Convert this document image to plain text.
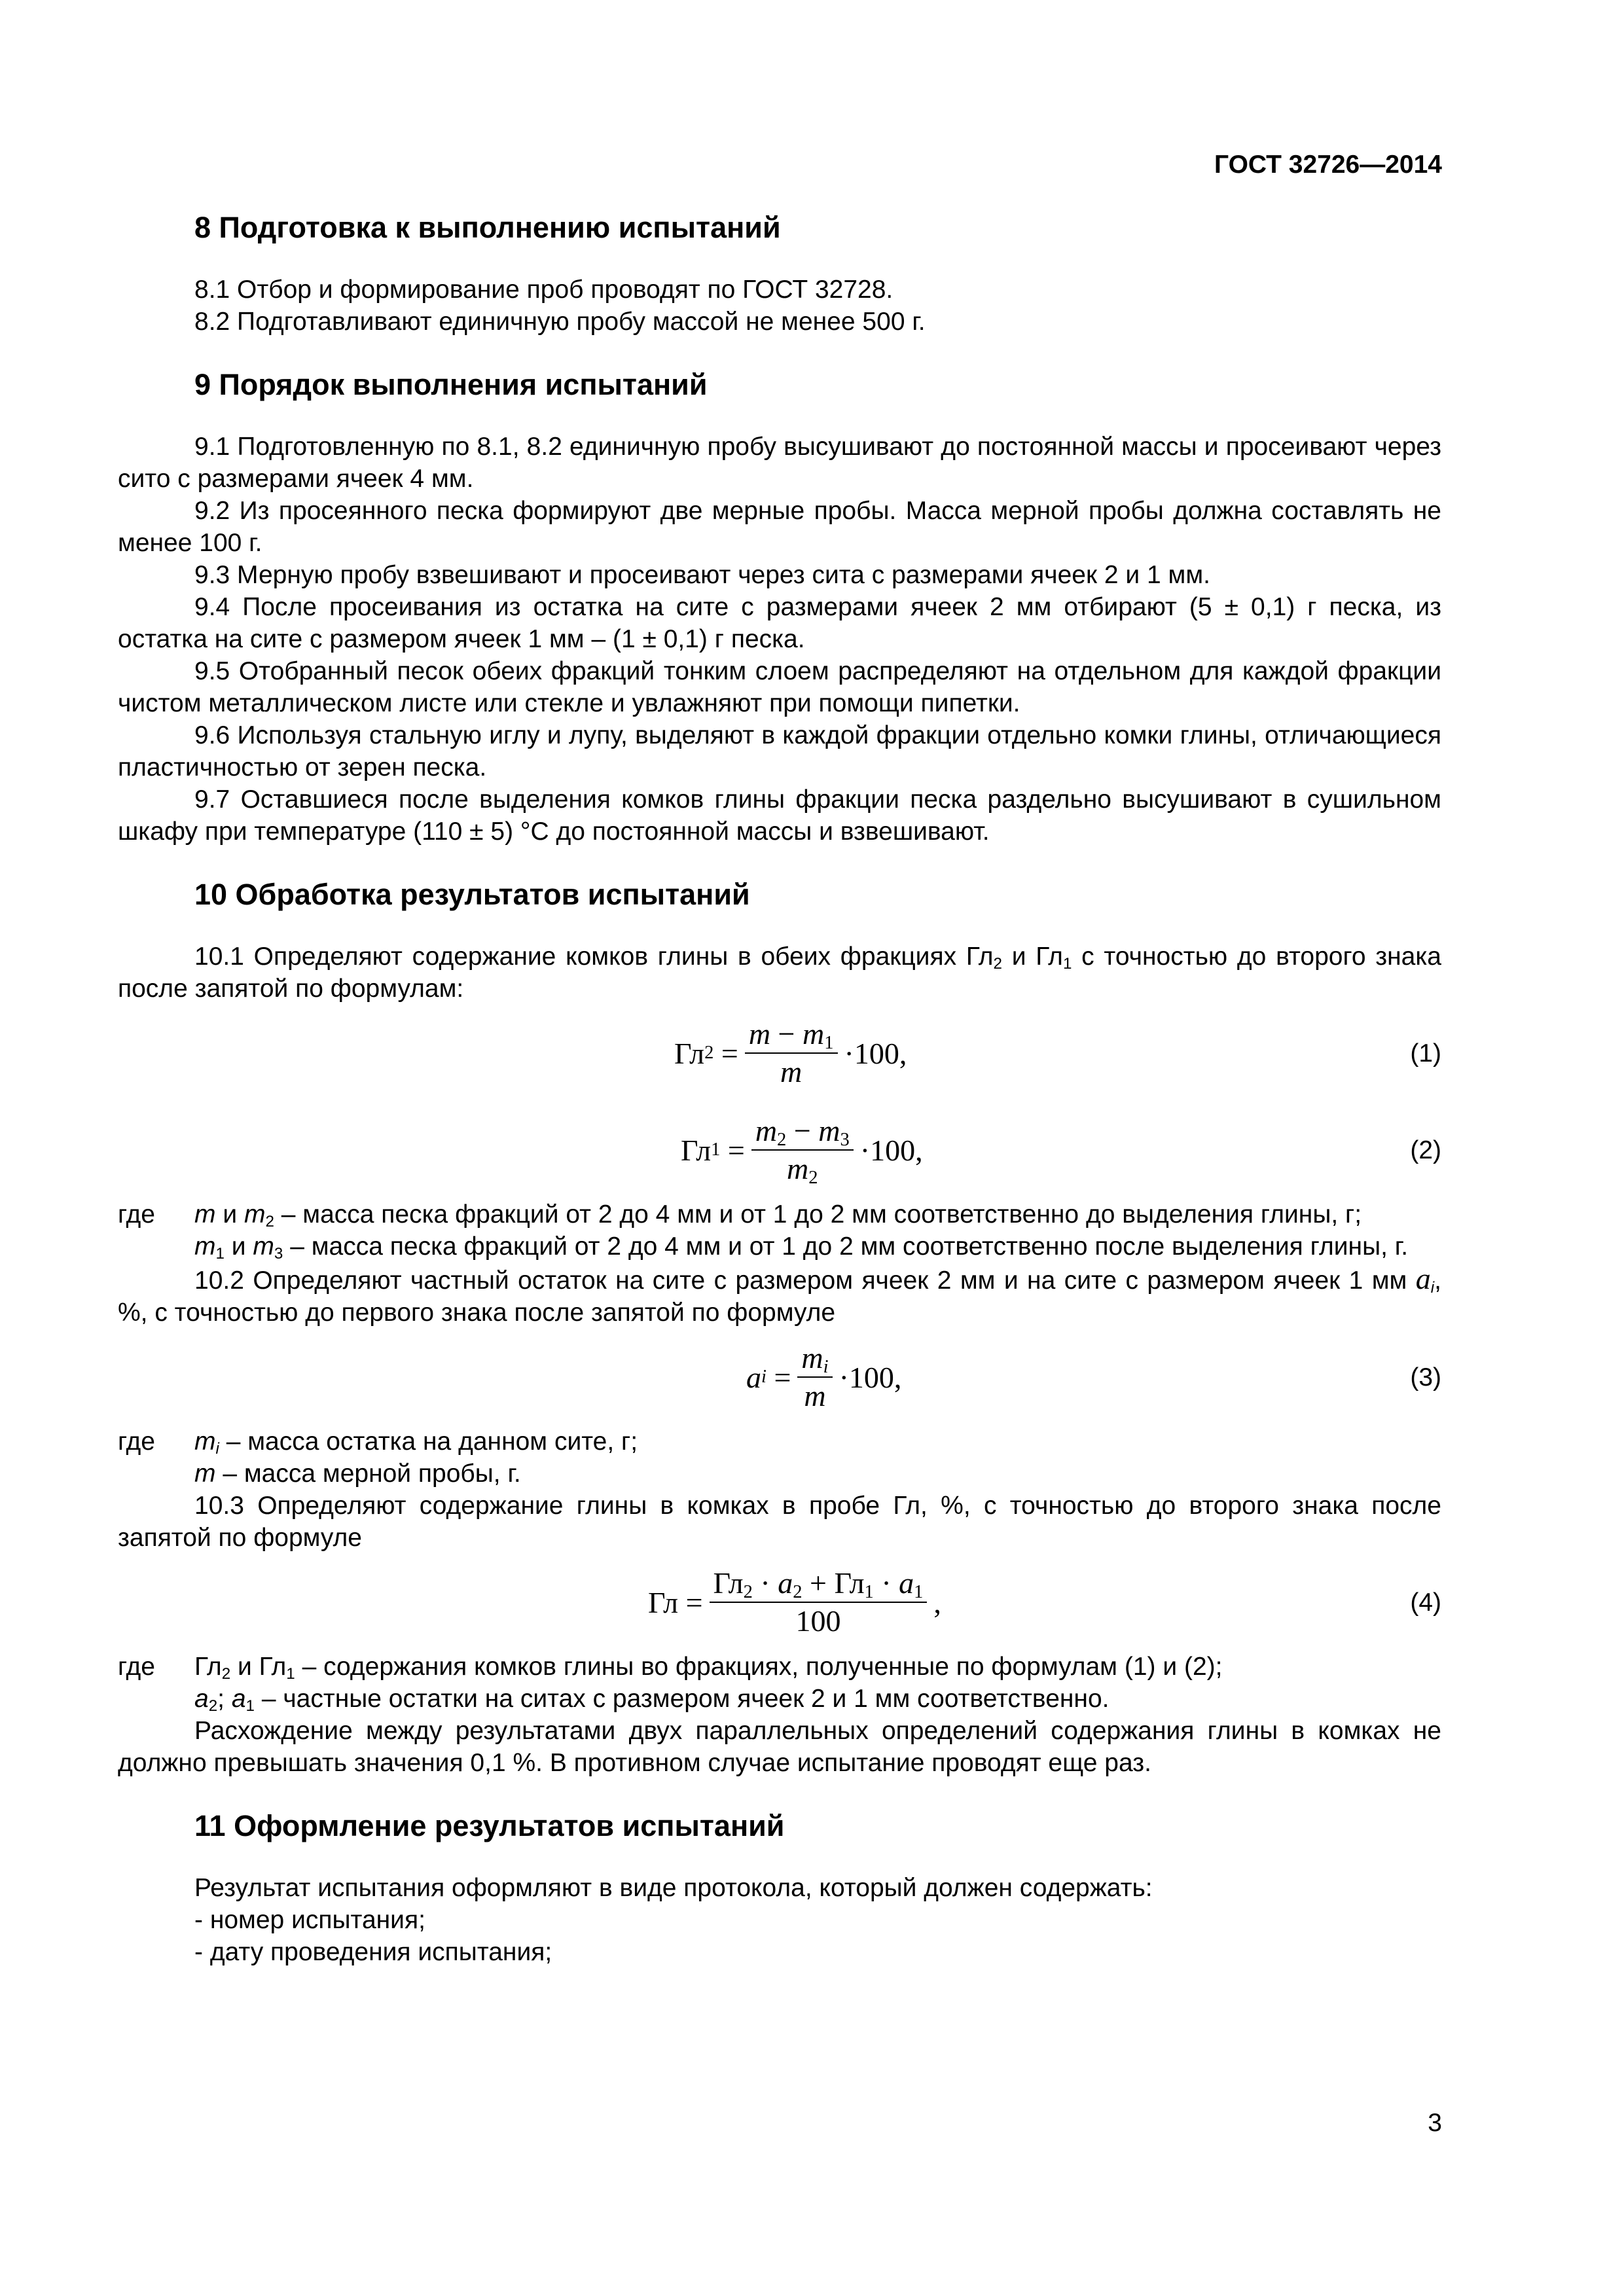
ГОСТ 32726—2014
8 Подготовка к выполнению испытаний

8.1 Отбор и формирование проб проводят по ГОСТ 32728.

8.2 Подготавливают единичную пробу массой не менее 500 г.

9 Порядок выполнения испытаний

9.1 Подготовленную по 8.1, 8.2 единичную пробу высушивают до постоянной массы и просеивают через сито с размерами ячеек 4 мм.

9.2 Из просеянного песка формируют две мерные пробы. Масса мерной пробы должна составлять не менее 100 г.

9.3 Мерную пробу взвешивают и просеивают через сита с размерами ячеек 2 и 1 мм.

9.4 После просеивания из остатка на сите с размерами ячеек 2 мм отбирают (5 ± 0,1) г песка, из остатка на сите с размером ячеек 1 мм – (1 ± 0,1) г песка.

9.5 Отобранный песок обеих фракций тонким слоем распределяют на отдельном для каждой фракции чистом металлическом листе или стекле и увлажняют при помощи пипетки.

9.6 Используя стальную иглу и лупу, выделяют в каждой фракции отдельно комки глины, отличающиеся пластичностью от зерен песка.

9.7 Оставшиеся после выделения комков глины фракции песка раздельно высушивают в сушильном шкафу при температуре (110 ± 5) °С до постоянной массы и взвешивают.

10 Обработка результатов испытаний

10.1 Определяют содержание комков глины в обеих фракциях $Гл_2$ и $Гл_1$ с точностью до второго знака после запятой по формулам:

Гл $2 = \frac{m - m_1}{m} \cdot 100$,	(1)
Гл $1 = \frac{m_2 - m_3}{m_2} \cdot 100$,	(2)
где	m и $m_2$ – масса песка фракций от 2 до 4 мм и от 1 до 2 мм соответственно до выделения глины, г;
$m_1$ и $m_3$ – масса песка фракций от 2 до 4 мм и от 1 до 2 мм соответственно после выделения глины, г.

10.2 Определяют частный остаток на сите с размером ячеек 2 мм и на сите с размером ячеек 1 мм $a_i$, %, с точностью до первого знака после запятой по формуле

a $i = \frac{m_i}{m} \cdot 100$,	(3)
где	$m_i$ – масса остатка на данном сите, г;
m – масса мерной пробы, г.

10.3 Определяют содержание глины в комках в пробе Гл, %, с точностью до второго знака после запятой по формуле

Гл = $\frac{Гл_2 \cdot a_2 + Гл_1 \cdot a_1}{100}$ ,	(4)
где	$Гл_2$ и $Гл_1$ – содержания комков глины во фракциях, полученные по формулам (1) и (2);
$a_2$; $a_1$ – частные остатки на ситах с размером ячеек 2 и 1 мм соответственно.

Расхождение между результатами двух параллельных определений содержания глины в комках не должно превышать значения 0,1 %. В противном случае испытание проводят еще раз.

11 Оформление результатов испытаний

Результат испытания оформляют в виде протокола, который должен содержать:

- номер испытания;

- дату проведения испытания;

3
